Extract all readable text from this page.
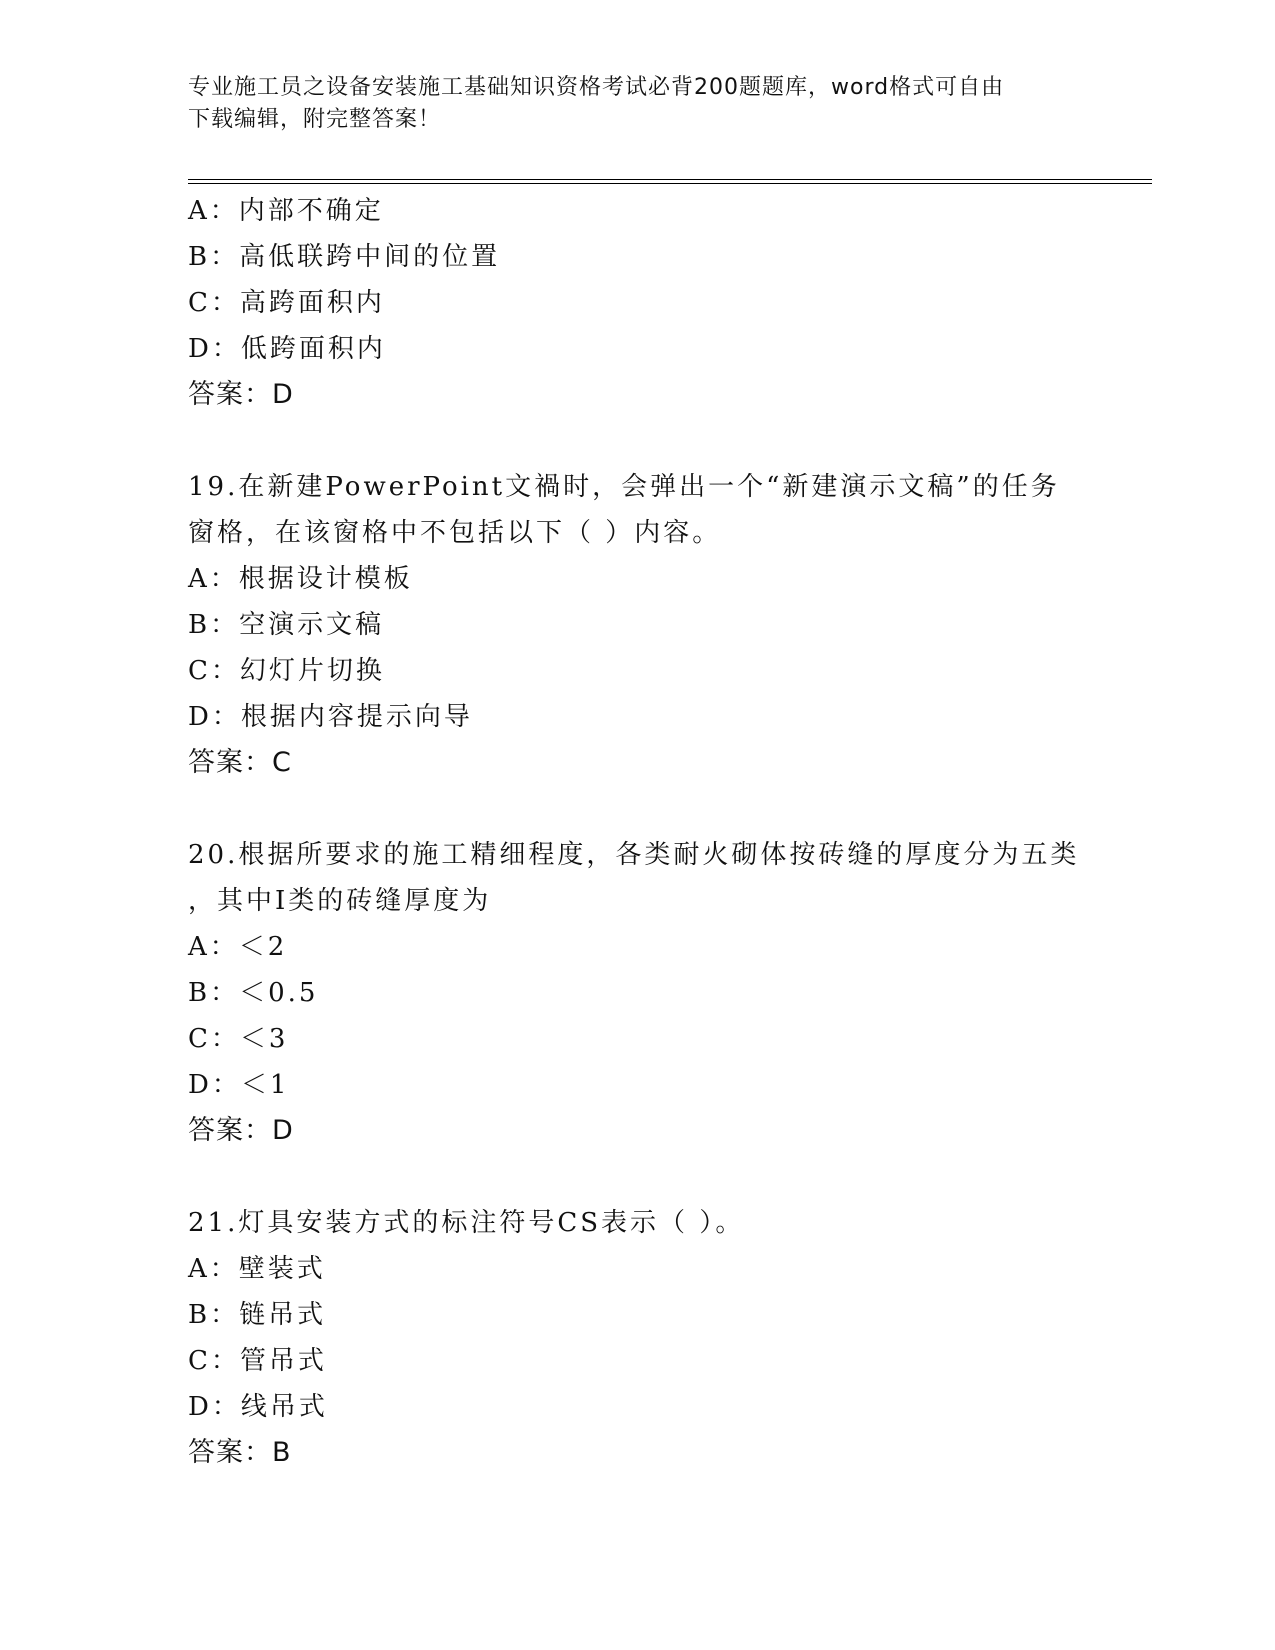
专业施工员之设备安装施工基础知识资格考试必背200题题库，word格式可自由
下载编辑，附完整答案！
A：内部不确定
B：高低联跨中间的位置
C：高跨面积内
D：低跨面积内
答案：D
19.在新建PowerPoint文禍时，会弹出一个“新建演示文稿”的任务
窗格，在该窗格中不包括以下（ ）内容。
A：根据设计模板
B：空演示文稿
C：幻灯片切换
D：根据内容提示向导
答案：C
20.根据所要求的施工精细程度，各类耐火砌体按砖缝的厚度分为五类
，其中Ⅰ类的砖缝厚度为
A：＜2
B：＜0.5
C：＜3
D：＜1
答案：D
21.灯具安装方式的标注符号CS表示（ ）。
A：壁装式
B：链吊式
C：管吊式
D：线吊式
答案：B
